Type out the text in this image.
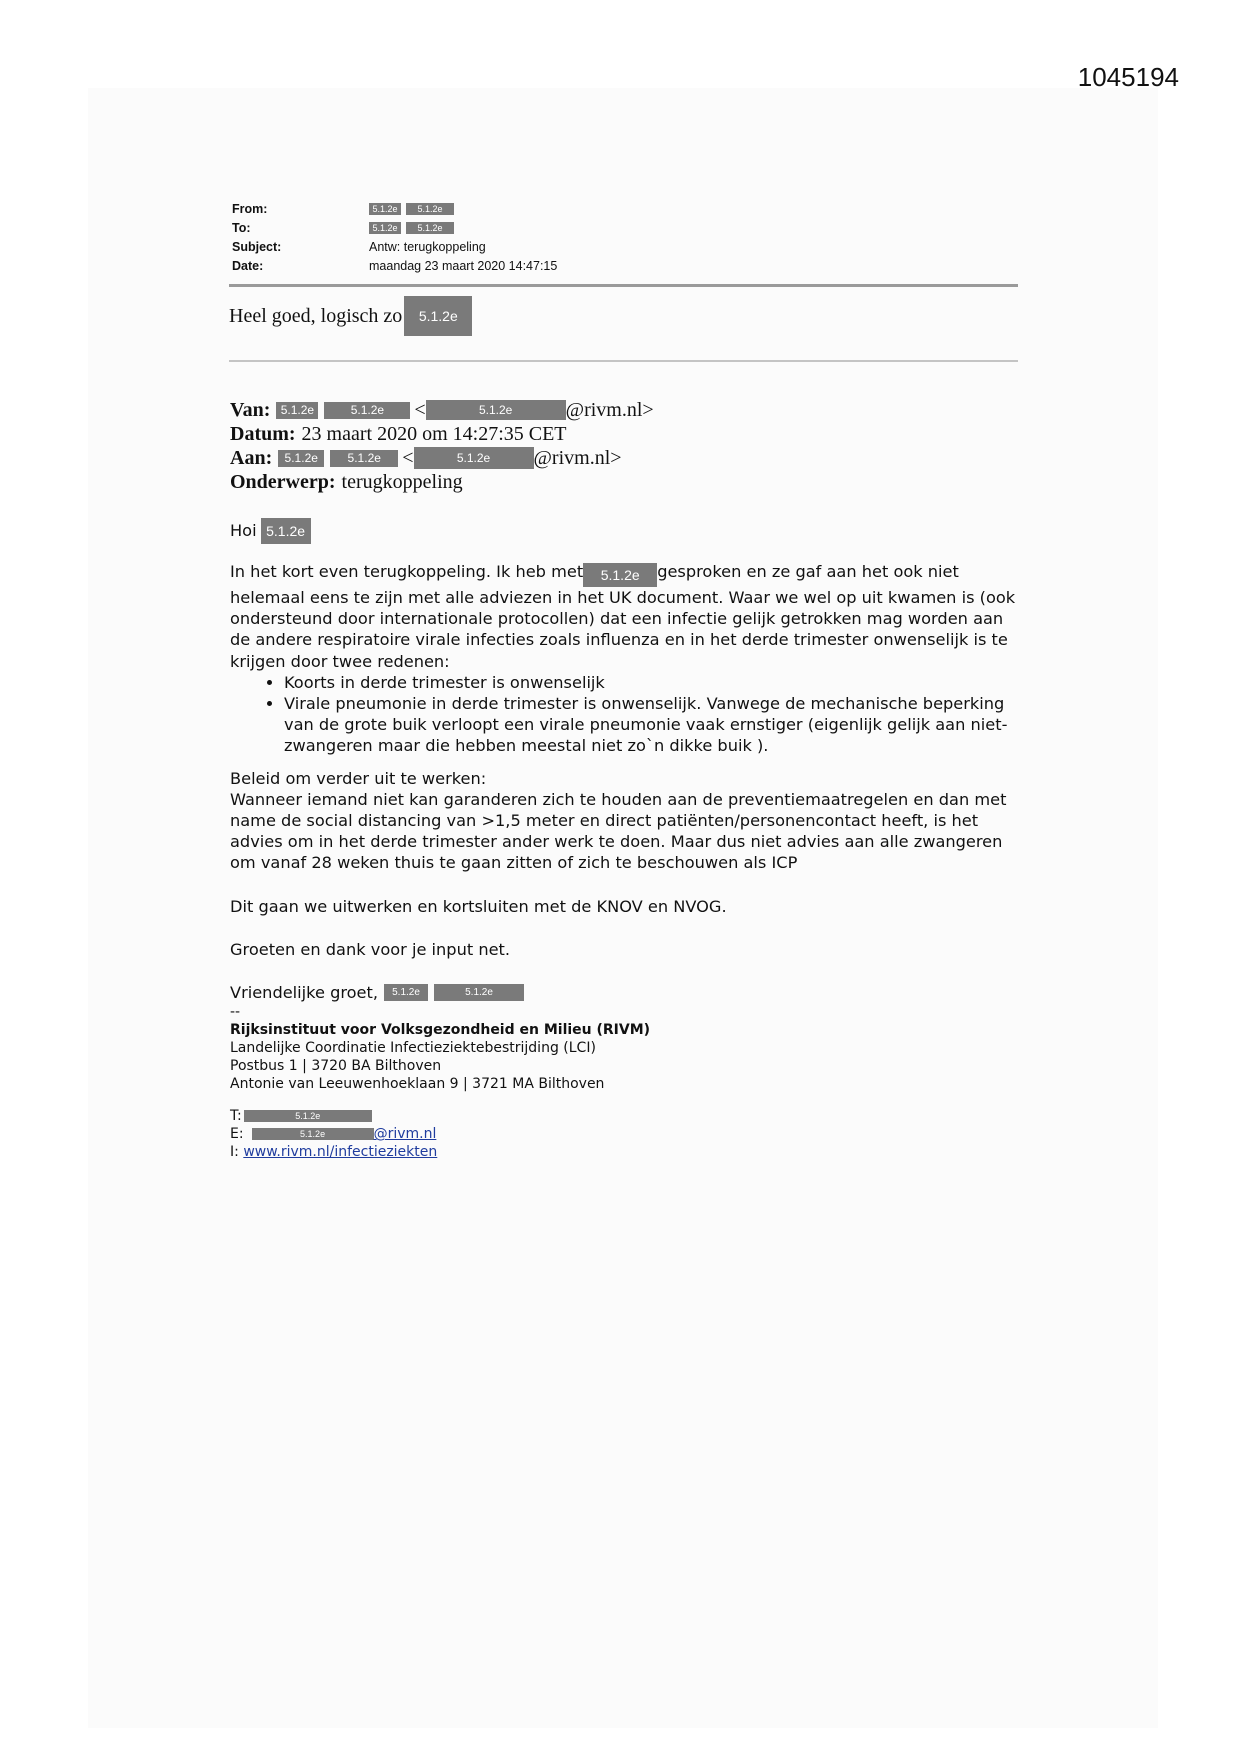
1045194
From:	5.1.2e	5.1.2e
To:	5.1.2e	5.1.2e
Subject:	Antw: terugkoppeling
Date:	maandag 23 maart 2020 14:47:15
Heel goed, logisch zo	5.1.2e
Van: 5.1.2e	5.1.2e	<	5.1.2e	@rivm.nl>
Datum: 23 maart 2020 om 14:27:35 CET
Aan:	5.1.2e	5.1.2e	<	5.1.2e	@rivm.nl>
Onderwerp: terugkoppeling

Hoi 5.1.2e

In het kort even terugkoppeling. Ik heb met 5.1.2e gesproken en ze gaf aan het ook niet helemaal eens te zijn met alle adviezen in het UK document. Waar we wel op uit kwamen is (ook ondersteund door internationale protocollen) dat een infectie gelijk getrokken mag worden aan de andere respiratoire virale infecties zoals influenza en in het derde trimester onwenselijk is te krijgen door twee redenen:

• Koorts in derde trimester is onwenselijk
• Virale pneumonie in derde trimester is onwenselijk. Vanwege de mechanische beperking van de grote buik verloopt een virale pneumonie vaak ernstiger (eigenlijk gelijk aan niet-zwangeren maar die hebben meestal niet zo`n dikke buik ).

Beleid om verder uit te werken:

Wanneer iemand niet kan garanderen zich te houden aan de preventiemaatregelen en dan met name de social distancing van >1,5 meter en direct patiënten/personencontact heeft, is het advies om in het derde trimester ander werk te doen. Maar dus niet advies aan alle zwangeren om vanaf 28 weken thuis te gaan zitten of zich te beschouwen als ICP

Dit gaan we uitwerken en kortsluiten met de KNOV en NVOG.

Groeten en dank voor je input net.

Vriendelijke groet,	5.1.2e	5.1.2e

--
Rijksinstituut voor Volksgezondheid en Milieu (RIVM)
Landelijke Coordinatie Infectieziektebestrijding (LCI)
Postbus 1 | 3720 BA Bilthoven
Antonie van Leeuwenhoeklaan 9 | 3721 MA Bilthoven
T:	5.1.2e
E:	5.1.2e	@rivm.nl
I: www.rivm.nl/infectieziekten
